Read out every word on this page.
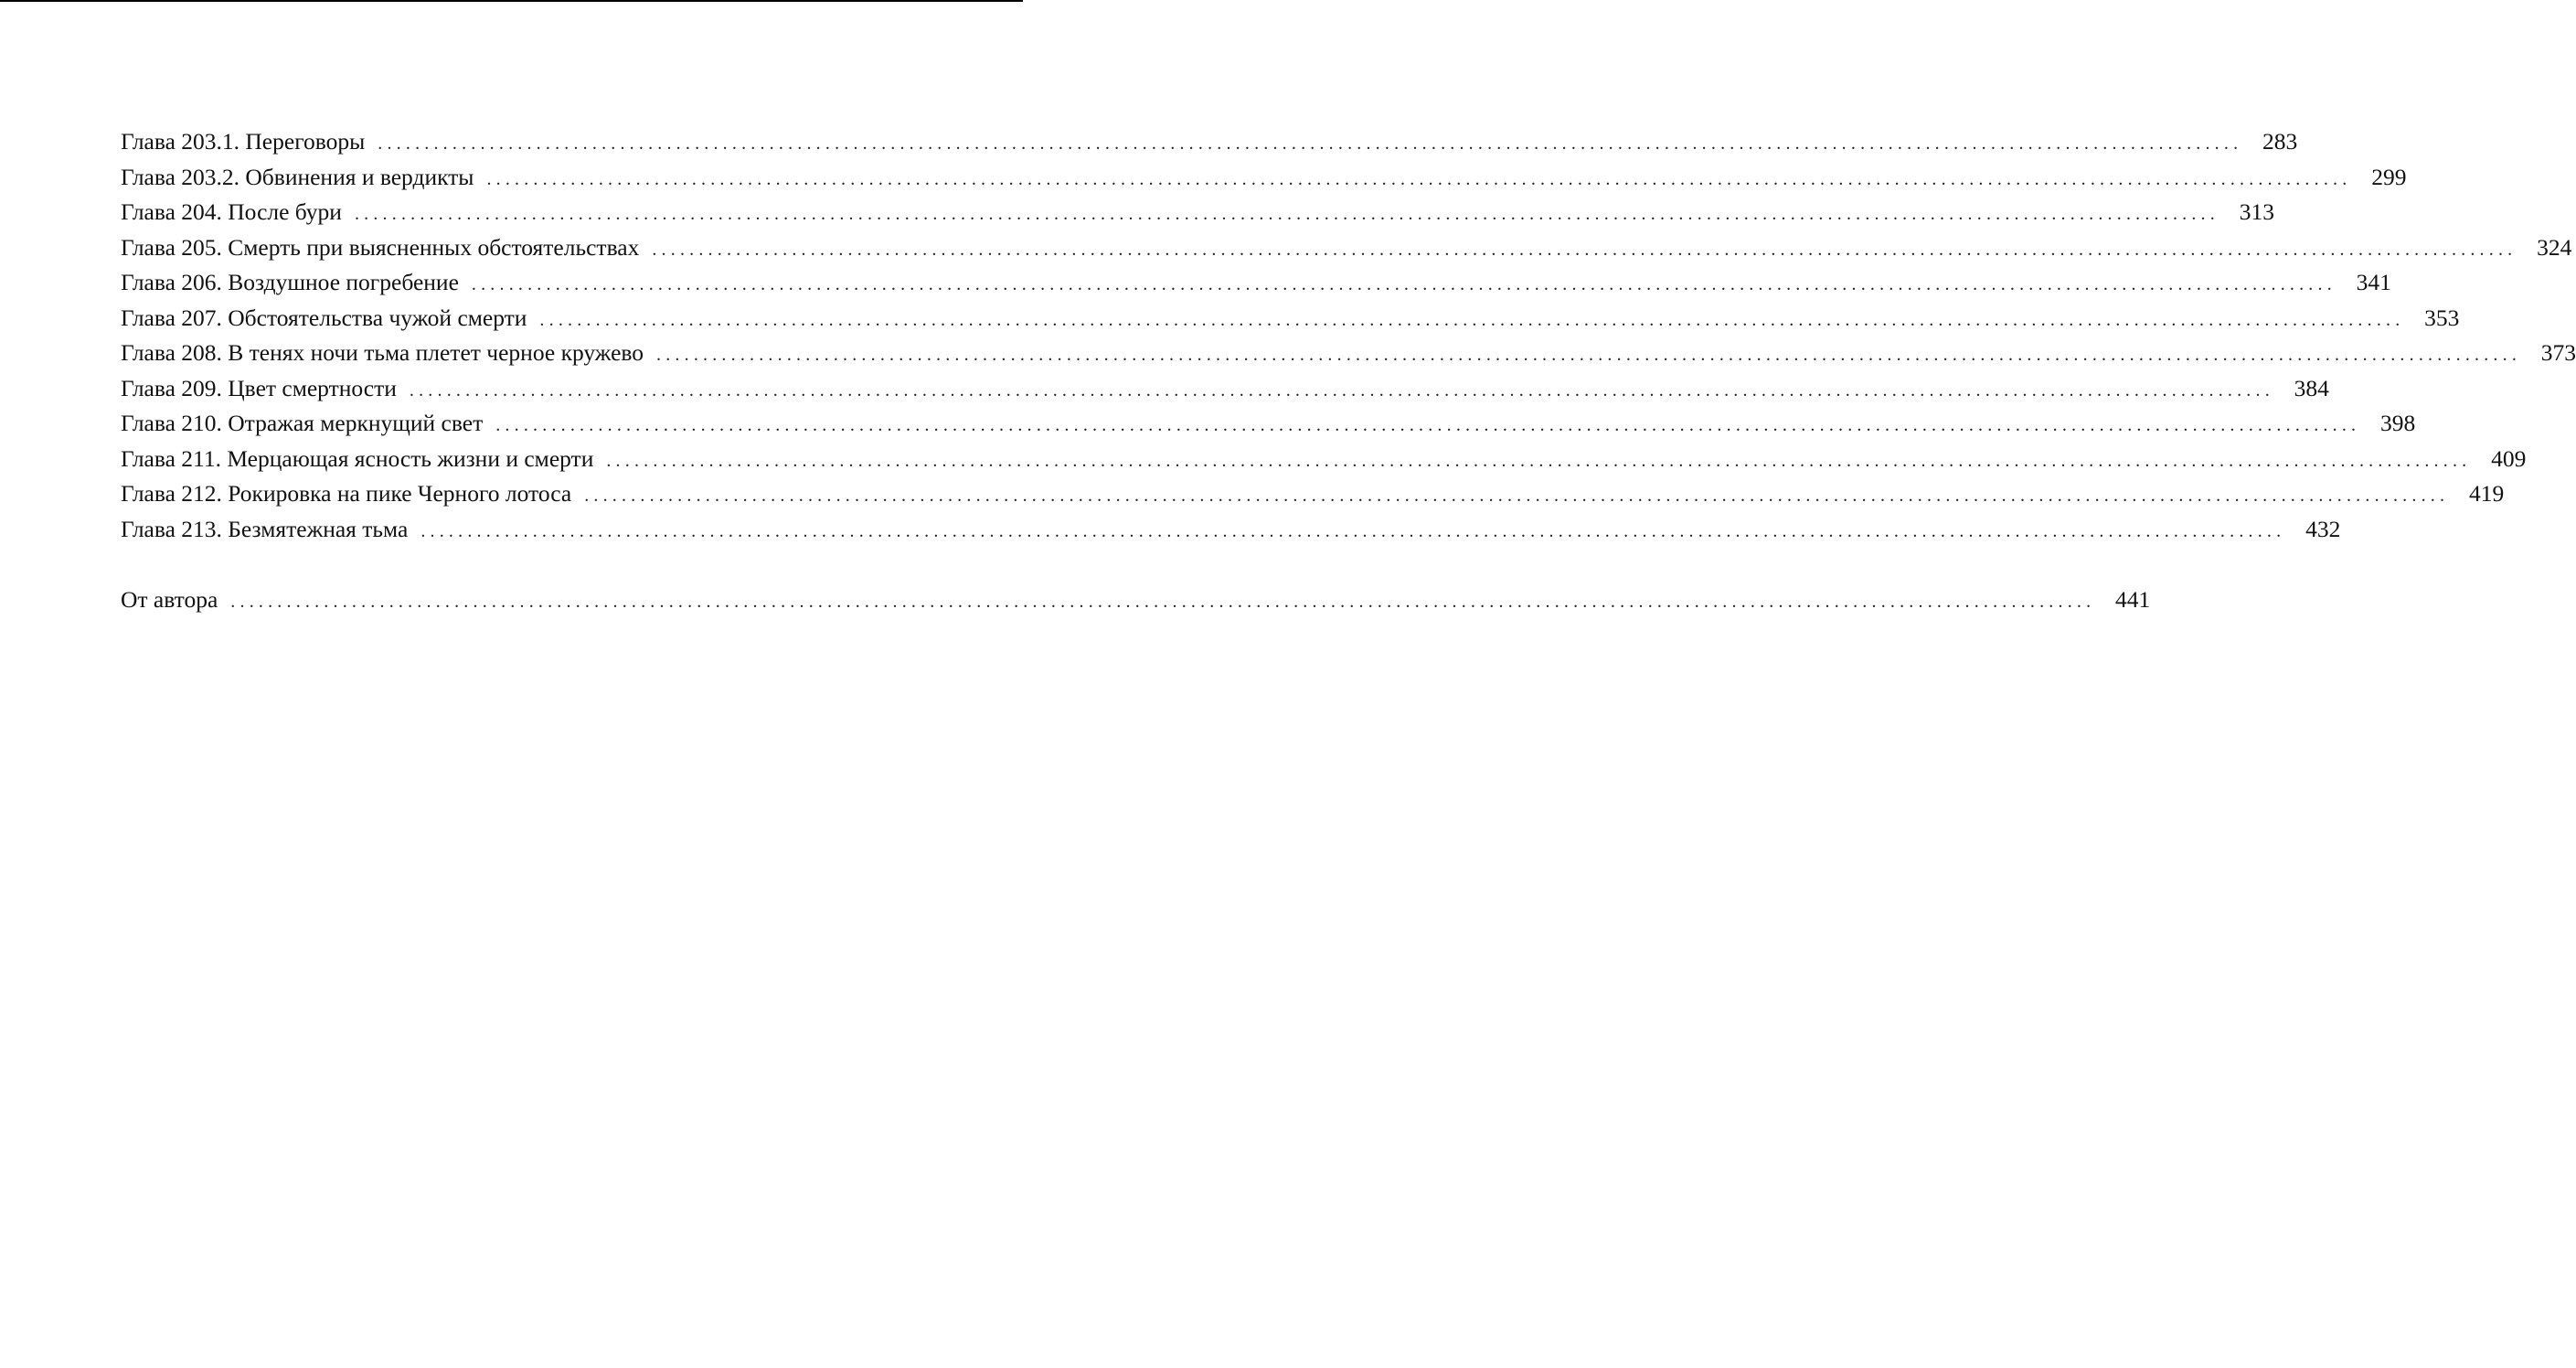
Глава 203.1. Переговоры ........................................................................................................................................................................................................ 283
Глава 203.2. Обвинения и вердикты ........................................................................................................................................................................................................ 299
Глава 204. После бури ........................................................................................................................................................................................................ 313
Глава 205. Смерть при выясненных обстоятельствах ........................................................................................................................................................................................................ 324
Глава 206. Воздушное погребение ........................................................................................................................................................................................................ 341
Глава 207. Обстоятельства чужой смерти ........................................................................................................................................................................................................ 353
Глава 208. В тенях ночи тьма плетет черное кружево ........................................................................................................................................................................................................ 373
Глава 209. Цвет смертности ........................................................................................................................................................................................................ 384
Глава 210. Отражая меркнущий свет ........................................................................................................................................................................................................ 398
Глава 211. Мерцающая ясность жизни и смерти ........................................................................................................................................................................................................ 409
Глава 212. Рокировка на пике Черного лотоса ........................................................................................................................................................................................................ 419
Глава 213. Безмятежная тьма ........................................................................................................................................................................................................ 432
От автора ........................................................................................................................................................................................................ 441
